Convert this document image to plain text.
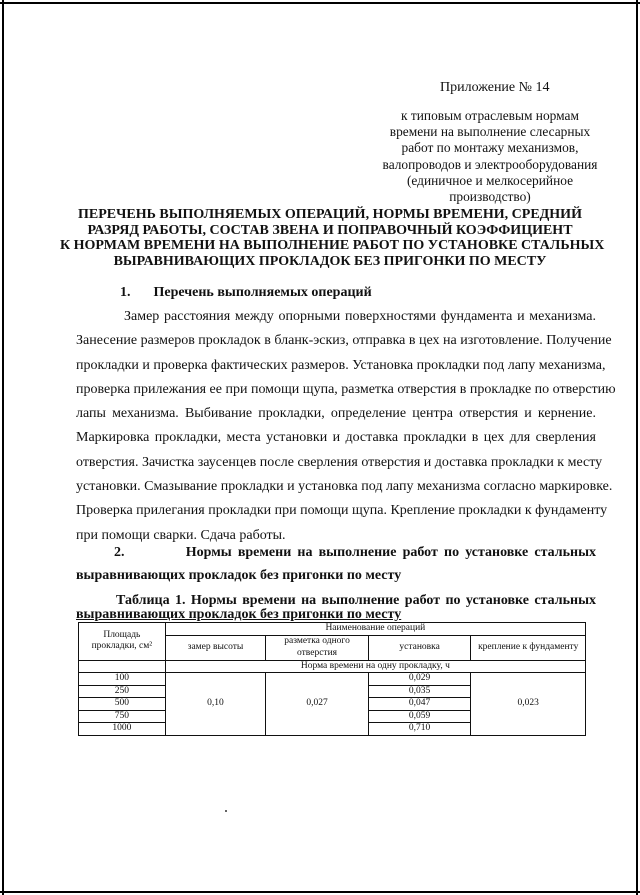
Приложение № 14
к типовым отраслевым нормам
времени на выполнение слесарных
работ по монтажу механизмов,
валопроводов и электрооборудования
(единичное и мелкосерийное
производство)
ПЕРЕЧЕНЬ ВЫПОЛНЯЕМЫХ ОПЕРАЦИЙ, НОРМЫ ВРЕМЕНИ, СРЕДНИЙ
РАЗРЯД РАБОТЫ, СОСТАВ ЗВЕНА И ПОПРАВОЧНЫЙ КОЭФФИЦИЕНТ
К НОРМАМ ВРЕМЕНИ НА ВЫПОЛНЕНИЕ РАБОТ ПО УСТАНОВКЕ СТАЛЬНЫХ
ВЫРАВНИВАЮЩИХ ПРОКЛАДОК БЕЗ ПРИГОНКИ ПО МЕСТУ
1. Перечень выполняемых операций
Замер расстояния между опорными поверхностями фундамента и механизма.
Занесение размеров прокладок в бланк-эскиз, отправка в цех на изготовление. Получение
прокладки и проверка фактических размеров. Установка прокладки под лапу механизма,
проверка прилежания ее при помощи щупа, разметка отверстия в прокладке по отверстию
лапы механизма. Выбивание прокладки, определение центра отверстия и кернение.
Маркировка прокладки, места установки и доставка прокладки в цех для сверления
отверстия. Зачистка заусенцев после сверления отверстия и доставка прокладки к месту
установки. Смазывание прокладки и установка под лапу механизма согласно маркировке.
Проверка прилегания прокладки при помощи щупа. Крепление прокладки к фундаменту
при помощи сварки. Сдача работы.
2.	Нормы времени на выполнение работ по установке стальных
выравнивающих прокладок без пригонки по месту
Таблица 1. Нормы времени на выполнение работ по установке стальных
выравнивающих прокладок без пригонки по месту
Площадь прокладки, см²	Наименование операций			
	замер высоты	разметка одного отверстия	установка	крепление к фундаменту
	Норма времени на одну прокладку, ч			
100	0,10	0,027	0,029	0,023
250			0,035	
500			0,047	
750			0,059	
1000			0,710	
